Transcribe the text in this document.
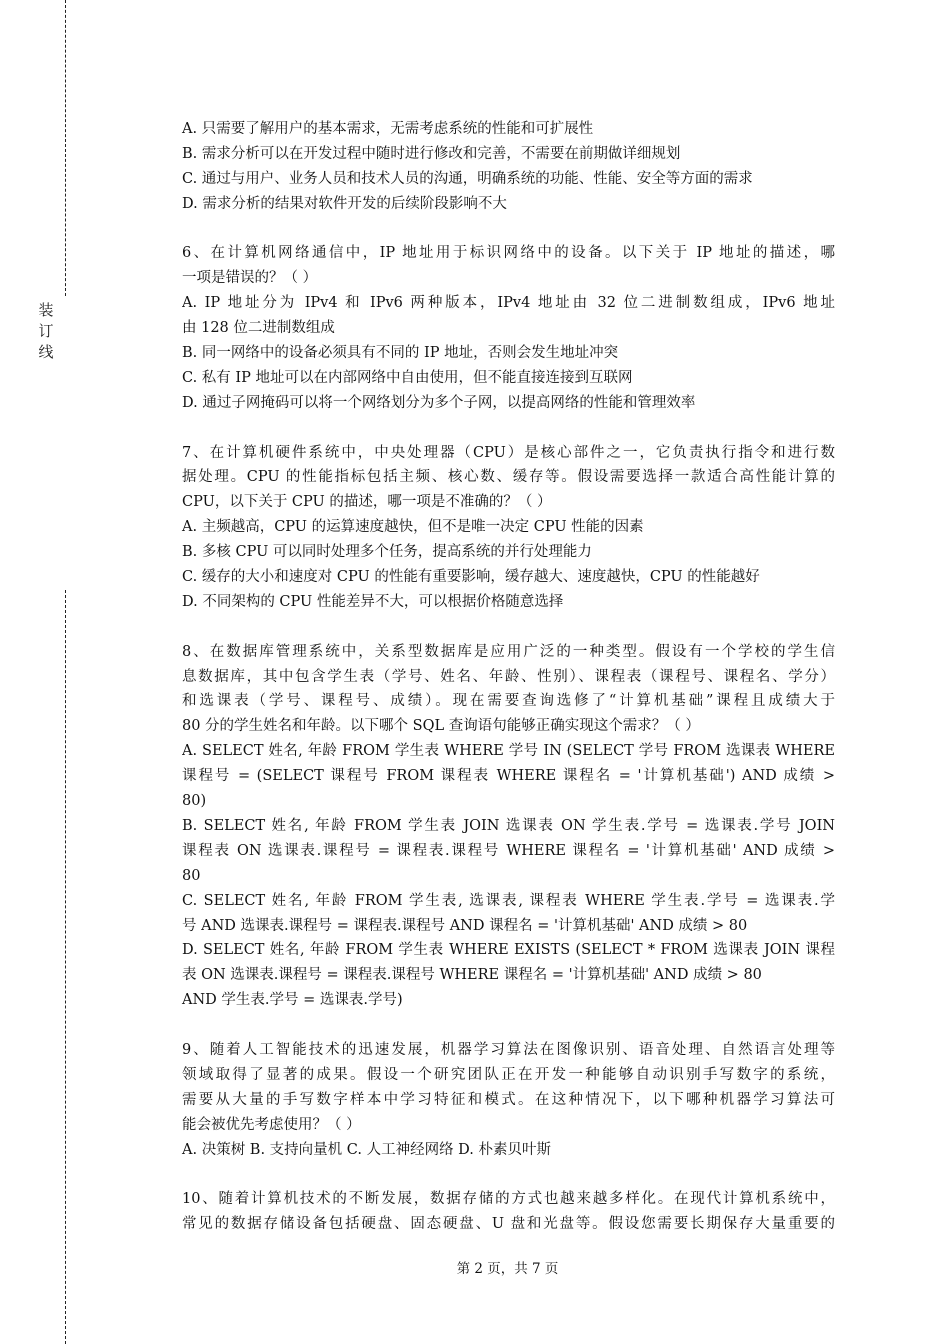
装订线
A. 只需要了解用户的基本需求，无需考虑系统的性能和可扩展性
B. 需求分析可以在开发过程中随时进行修改和完善，不需要在前期做详细规划
C. 通过与用户、业务人员和技术人员的沟通，明确系统的功能、性能、安全等方面的需求
D. 需求分析的结果对软件开发的后续阶段影响不大
6、在计算机网络通信中，IP 地址用于标识网络中的设备。以下关于 IP 地址的描述，哪
一项是错误的？（ ）
A. IP 地址分为 IPv4 和 IPv6 两种版本，IPv4 地址由 32 位二进制数组成，IPv6 地址
由 128 位二进制数组成
B. 同一网络中的设备必须具有不同的 IP 地址，否则会发生地址冲突
C. 私有 IP 地址可以在内部网络中自由使用，但不能直接连接到互联网
D. 通过子网掩码可以将一个网络划分为多个子网，以提高网络的性能和管理效率
7、在计算机硬件系统中，中央处理器（CPU）是核心部件之一，它负责执行指令和进行数
据处理。CPU 的性能指标包括主频、核心数、缓存等。假设需要选择一款适合高性能计算的
CPU，以下关于 CPU 的描述，哪一项是不准确的？（ ）
A. 主频越高，CPU 的运算速度越快，但不是唯一决定 CPU 性能的因素
B. 多核 CPU 可以同时处理多个任务，提高系统的并行处理能力
C. 缓存的大小和速度对 CPU 的性能有重要影响，缓存越大、速度越快，CPU 的性能越好
D. 不同架构的 CPU 性能差异不大，可以根据价格随意选择
8、在数据库管理系统中，关系型数据库是应用广泛的一种类型。假设有一个学校的学生信
息数据库，其中包含学生表（学号、姓名、年龄、性别）、课程表（课程号、课程名、学分）
和选课表（学号、课程号、成绩）。现在需要查询选修了“计算机基础”课程且成绩大于
80 分的学生姓名和年龄。以下哪个 SQL 查询语句能够正确实现这个需求？（ ）
A. SELECT 姓名, 年龄 FROM 学生表 WHERE 学号 IN (SELECT 学号 FROM 选课表 WHERE
课程号 = (SELECT 课程号 FROM 课程表 WHERE 课程名 = '计算机基础') AND 成绩 >
80)
B. SELECT 姓名, 年龄 FROM 学生表 JOIN 选课表 ON 学生表.学号 = 选课表.学号 JOIN
课程表 ON 选课表.课程号 = 课程表.课程号 WHERE 课程名 = '计算机基础' AND 成绩 >
80
C. SELECT 姓名, 年龄 FROM 学生表, 选课表, 课程表 WHERE 学生表.学号 = 选课表.学
号 AND 选课表.课程号 = 课程表.课程号 AND 课程名 = '计算机基础' AND 成绩 > 80
D. SELECT 姓名, 年龄 FROM 学生表 WHERE EXISTS (SELECT * FROM 选课表 JOIN 课程
表 ON 选课表.课程号 = 课程表.课程号 WHERE 课程名 = '计算机基础' AND 成绩 > 80
AND 学生表.学号 = 选课表.学号)
9、随着人工智能技术的迅速发展，机器学习算法在图像识别、语音处理、自然语言处理等
领域取得了显著的成果。假设一个研究团队正在开发一种能够自动识别手写数字的系统，
需要从大量的手写数字样本中学习特征和模式。在这种情况下，以下哪种机器学习算法可
能会被优先考虑使用？（ ）
A. 决策树 B. 支持向量机 C. 人工神经网络 D. 朴素贝叶斯
10、随着计算机技术的不断发展，数据存储的方式也越来越多样化。在现代计算机系统中，
常见的数据存储设备包括硬盘、固态硬盘、U 盘和光盘等。假设您需要长期保存大量重要的
第 2 页，共 7 页
